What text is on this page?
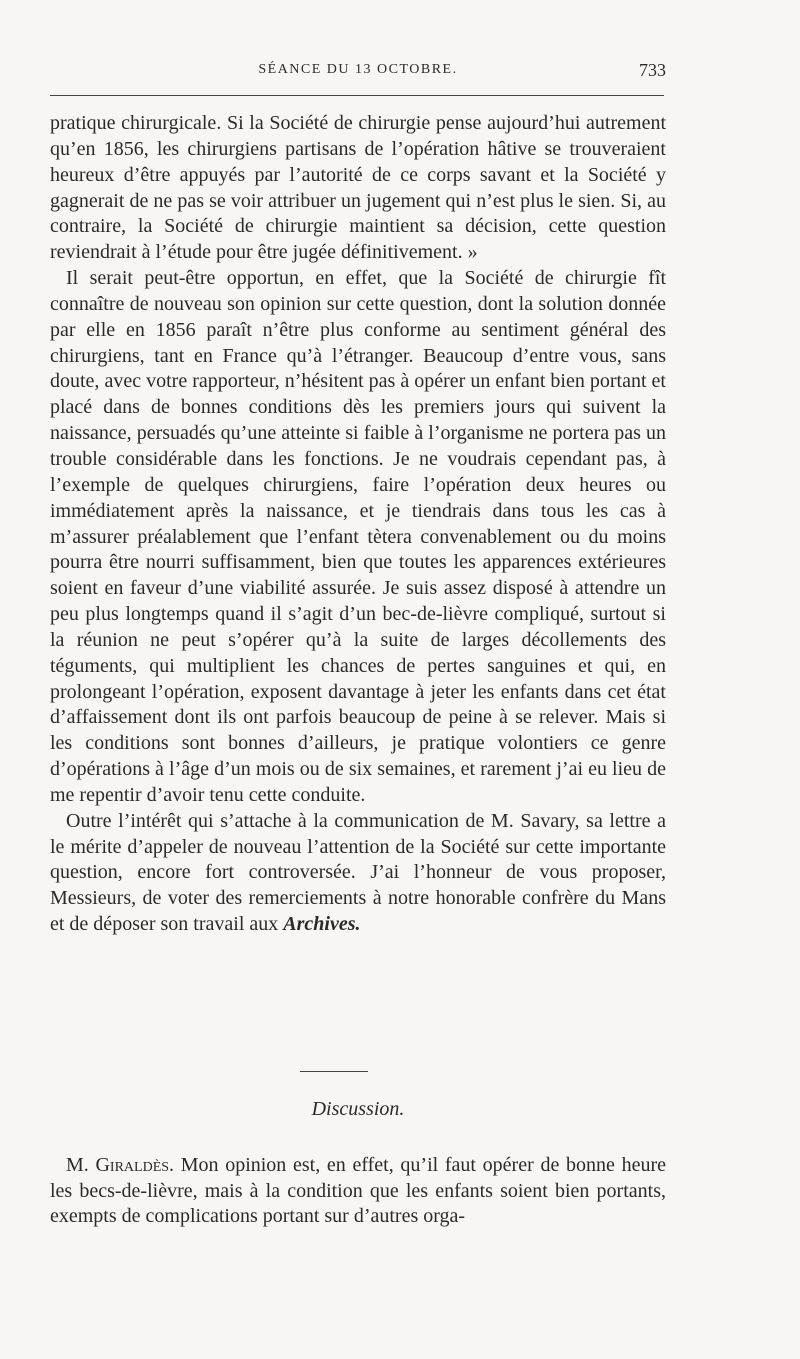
SÉANCE DU 13 OCTOBRE.	733

pratique chirurgicale. Si la Société de chirurgie pense aujourd’hui autrement qu’en 1856, les chirurgiens partisans de l’opération hâtive se trouveraient heureux d’être appuyés par l’autorité de ce corps savant et la Société y gagnerait de ne pas se voir attribuer un jugement qui n’est plus le sien. Si, au contraire, la Société de chirurgie maintient sa décision, cette question reviendrait à l’étude pour être jugée définitivement. »

Il serait peut-être opportun, en effet, que la Société de chirurgie fît connaître de nouveau son opinion sur cette question, dont la solution donnée par elle en 1856 paraît n’être plus conforme au sentiment général des chirurgiens, tant en France qu’à l’étranger. Beaucoup d’entre vous, sans doute, avec votre rapporteur, n’hésitent pas à opérer un enfant bien portant et placé dans de bonnes conditions dès les premiers jours qui suivent la naissance, persuadés qu’une atteinte si faible à l’organisme ne portera pas un trouble considérable dans les fonctions. Je ne voudrais cependant pas, à l’exemple de quelques chirurgiens, faire l’opération deux heures ou immédiatement après la naissance, et je tiendrais dans tous les cas à m’assurer préalablement que l’enfant tètera convenablement ou du moins pourra être nourri suffisamment, bien que toutes les apparences extérieures soient en faveur d’une viabilité assurée. Je suis assez disposé à attendre un peu plus longtemps quand il s’agit d’un bec-de-lièvre compliqué, surtout si la réunion ne peut s’opérer qu’à la suite de larges décollements des téguments, qui multiplient les chances de pertes sanguines et qui, en prolongeant l’opération, exposent davantage à jeter les enfants dans cet état d’affaissement dont ils ont parfois beaucoup de peine à se relever. Mais si les conditions sont bonnes d’ailleurs, je pratique volontiers ce genre d’opérations à l’âge d’un mois ou de six semaines, et rarement j’ai eu lieu de me repentir d’avoir tenu cette conduite.

Outre l’intérêt qui s’attache à la communication de M. Savary, sa lettre a le mérite d’appeler de nouveau l’attention de la Société sur cette importante question, encore fort controversée. J’ai l’honneur de vous proposer, Messieurs, de voter des remerciements à notre honorable confrère du Mans et de déposer son travail aux Archives.

Discussion.

M. Giraldès. Mon opinion est, en effet, qu’il faut opérer de bonne heure les becs-de-lièvre, mais à la condition que les enfants soient bien portants, exempts de complications portant sur d’autres orga-
